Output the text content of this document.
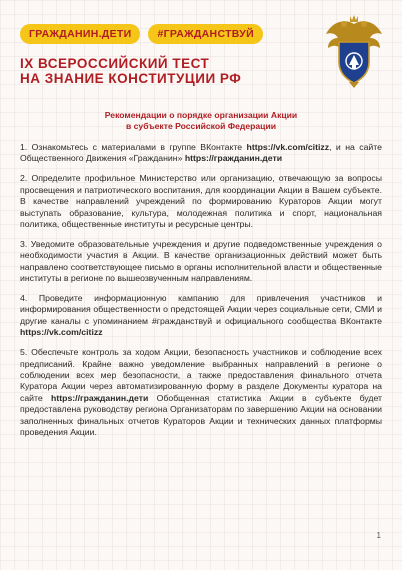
ГРАЖДАНИН.ДЕТИ	#ГРАЖДАНСТВУЙ
IX ВСЕРОССИЙСКИЙ ТЕСТ
НА ЗНАНИЕ КОНСТИТУЦИИ РФ
Рекомендации о порядке организации Акции
в субъекте Российской Федерации

1. Ознакомьтесь с материалами в группе ВКонтакте https://vk.com/citizz, и на сайте Общественного Движения «Гражданин» https://гражданин.дети

2. Определите профильное Министерство или организацию, отвечающую за вопросы просвещения и патриотического воспитания, для координации Акции в Вашем субъекте. В качестве направлений учреждений по формированию Кураторов Акции могут выступать образование, культура, молодежная политика и спорт, национальная политика, общественные институты и ресурсные центры.

3. Уведомите образовательные учреждения и другие подведомственные учреждения о необходимости участия в Акции. В качестве организационных действий может быть направлено соответствующее письмо в органы исполнительной власти и общественные институты в регионе по вышеозвученным направлениям.

4. Проведите информационную кампанию для привлечения участников и информирования общественности о предстоящей Акции через социальные сети, СМИ и другие каналы с упоминанием #гражданствуй и официального сообщества ВКонтакте https://vk.com/citizz

5. Обеспечьте контроль за ходом Акции, безопасность участников и соблюдение всех предписаний. Крайне важно уведомление выбранных направлений в регионе о соблюдении всех мер безопасности, а также предоставления финального отчета Куратора Акции через автоматизированную форму в разделе Документы куратора на сайте https://гражданин.дети Обобщенная статистика Акции в субъекте будет предоставлена руководству региона Организаторам по завершению Акции на основании заполненных финальных отчетов Кураторов Акции и технических данных платформы проведения Акции.

1
